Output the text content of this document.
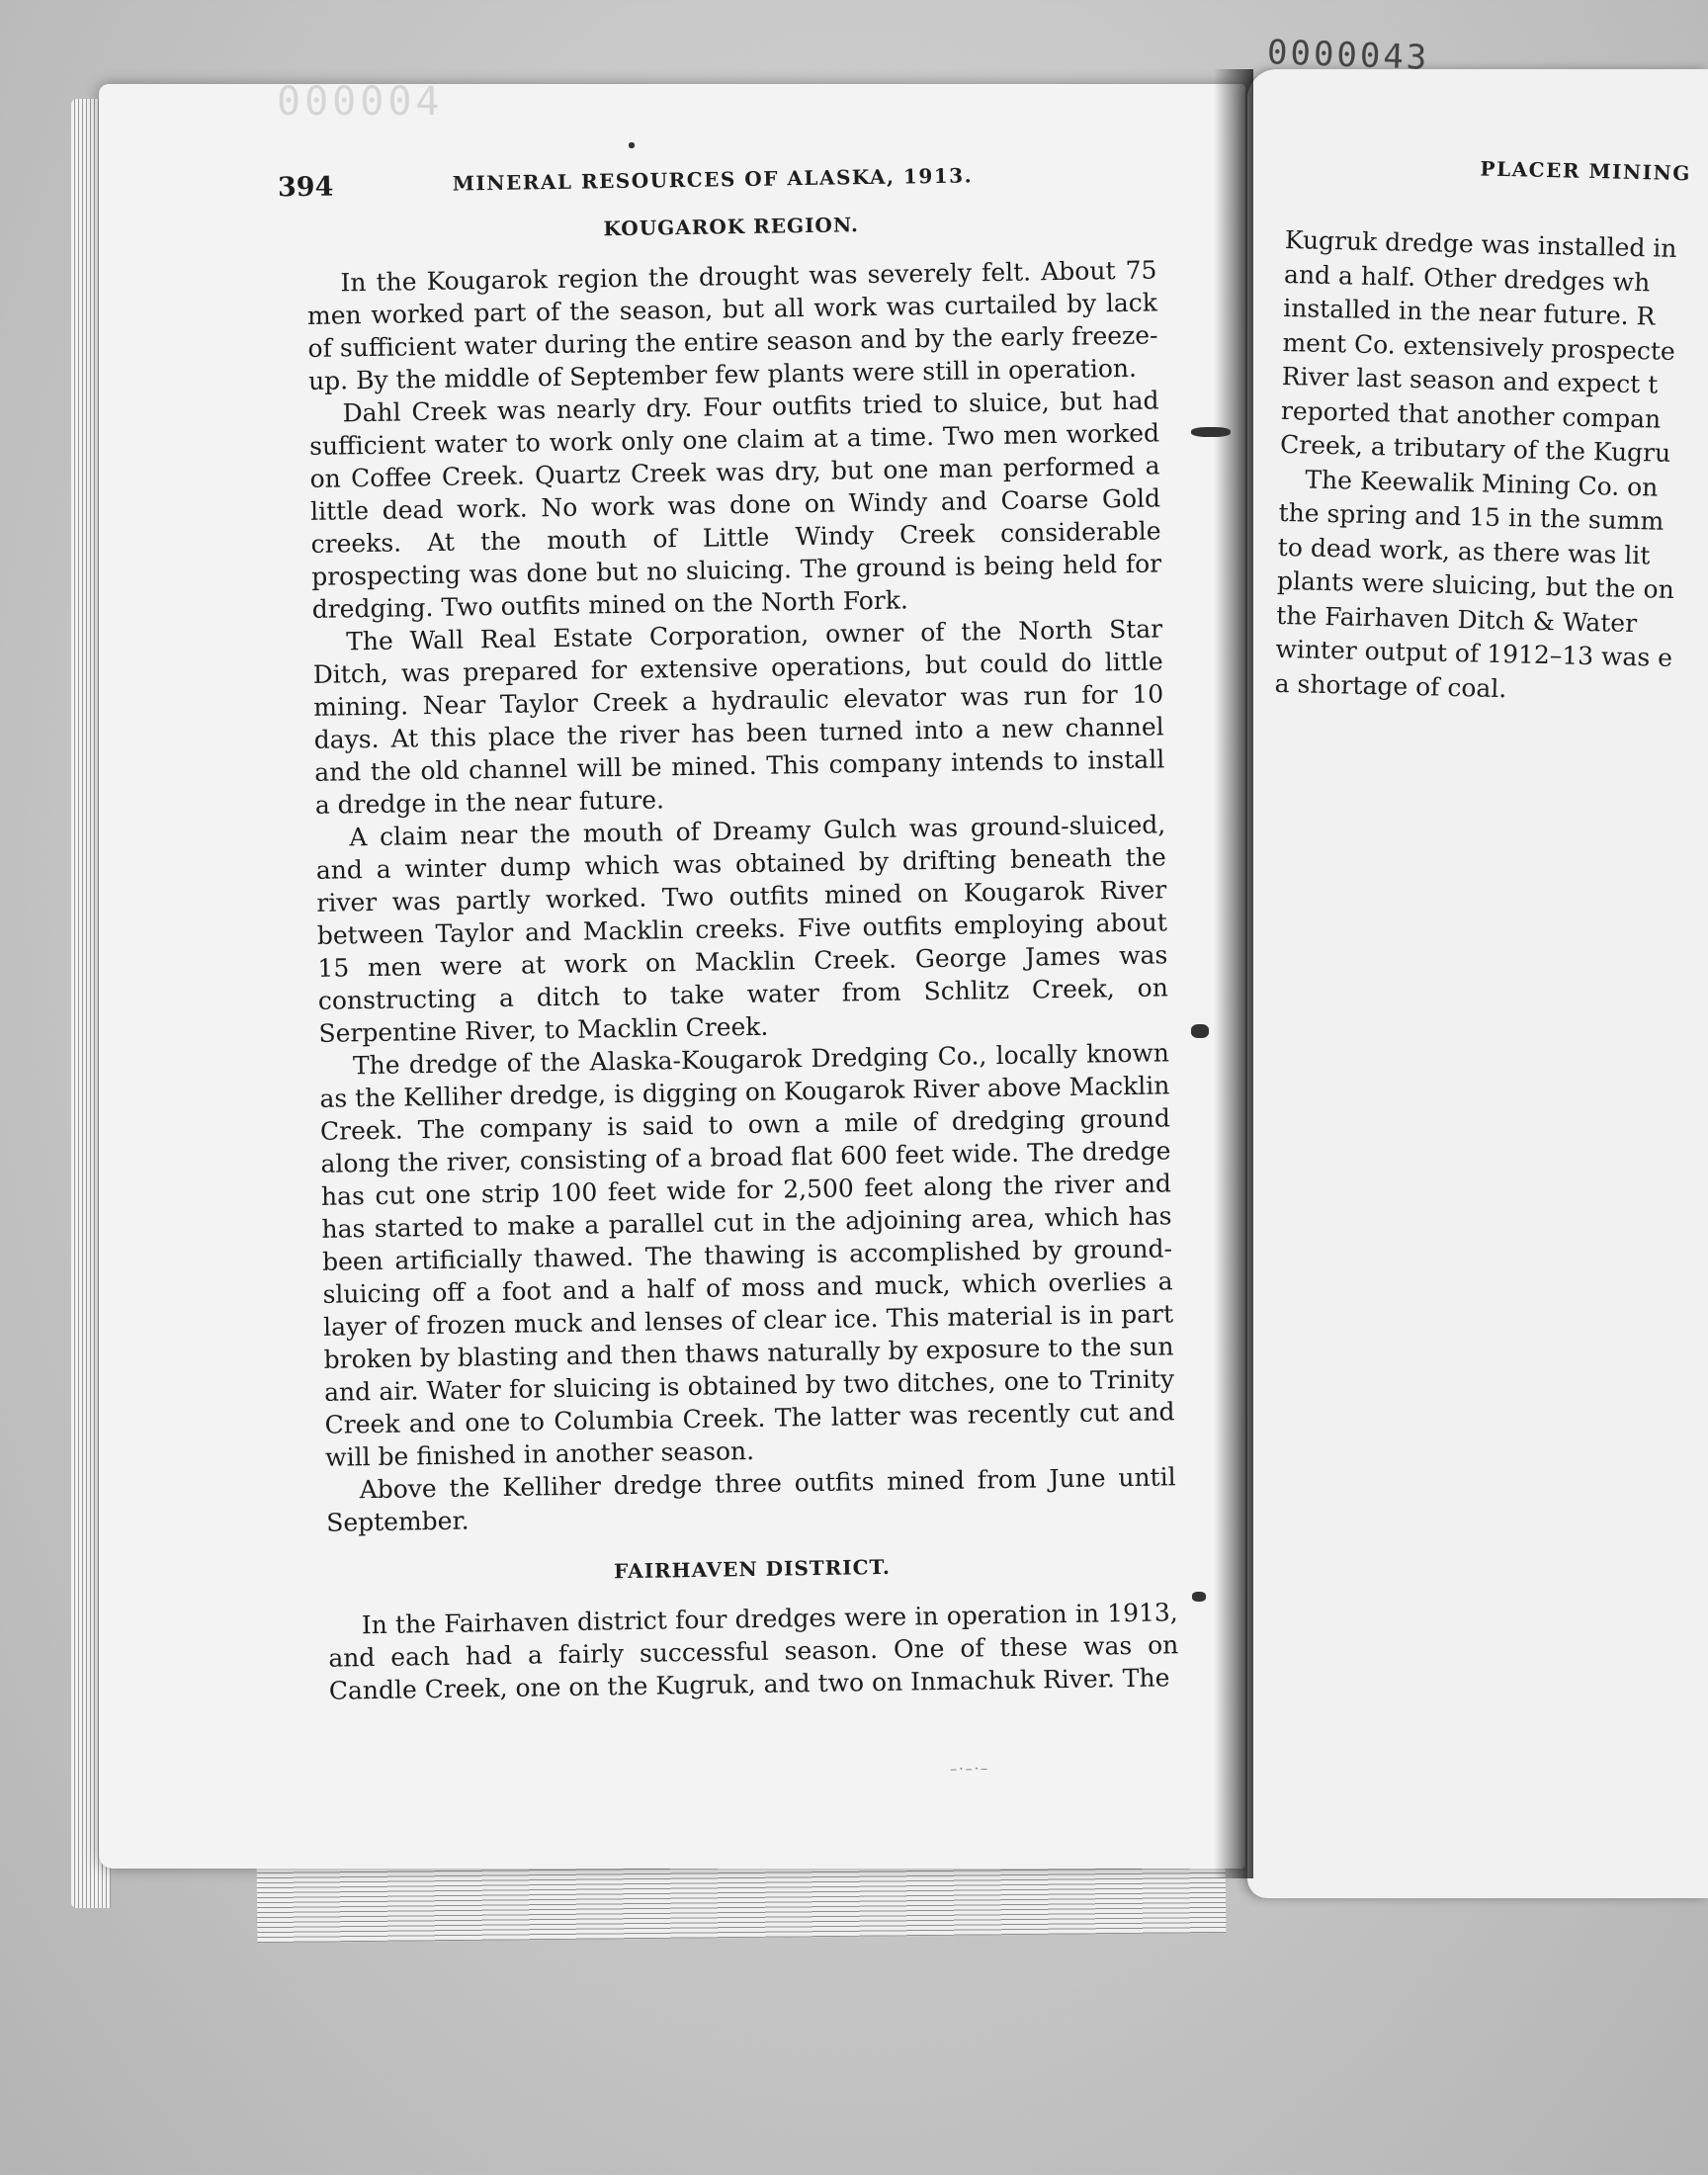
0000043
000004
394	MINERAL RESOURCES OF ALASKA, 1913.

KOUGAROK REGION.

In the Kougarok region the drought was severely felt. About 75 men worked part of the season, but all work was curtailed by lack of sufficient water during the entire season and by the early freeze-up. By the middle of September few plants were still in operation.

Dahl Creek was nearly dry. Four outfits tried to sluice, but had sufficient water to work only one claim at a time. Two men worked on Coffee Creek. Quartz Creek was dry, but one man performed a little dead work. No work was done on Windy and Coarse Gold creeks. At the mouth of Little Windy Creek considerable prospecting was done but no sluicing. The ground is being held for dredging. Two outfits mined on the North Fork.

The Wall Real Estate Corporation, owner of the North Star Ditch, was prepared for extensive operations, but could do little mining. Near Taylor Creek a hydraulic elevator was run for 10 days. At this place the river has been turned into a new channel and the old channel will be mined. This company intends to install a dredge in the near future.

A claim near the mouth of Dreamy Gulch was ground-sluiced, and a winter dump which was obtained by drifting beneath the river was partly worked. Two outfits mined on Kougarok River between Taylor and Macklin creeks. Five outfits employing about 15 men were at work on Macklin Creek. George James was constructing a ditch to take water from Schlitz Creek, on Serpentine River, to Macklin Creek.

The dredge of the Alaska-Kougarok Dredging Co., locally known as the Kelliher dredge, is digging on Kougarok River above Macklin Creek. The company is said to own a mile of dredging ground along the river, consisting of a broad flat 600 feet wide. The dredge has cut one strip 100 feet wide for 2,500 feet along the river and has started to make a parallel cut in the adjoining area, which has been artificially thawed. The thawing is accomplished by ground-sluicing off a foot and a half of moss and muck, which overlies a layer of frozen muck and lenses of clear ice. This material is in part broken by blasting and then thaws naturally by exposure to the sun and air. Water for sluicing is obtained by two ditches, one to Trinity Creek and one to Columbia Creek. The latter was recently cut and will be finished in another season.

Above the Kelliher dredge three outfits mined from June until September.

FAIRHAVEN DISTRICT.

In the Fairhaven district four dredges were in operation in 1913, and each had a fairly successful season. One of these was on Candle Creek, one on the Kugruk, and two on Inmachuk River. The

–·–·–
PLACER MINING
Kugruk dredge was installed in
and a half. Other dredges wh
installed in the near future. R
ment Co. extensively prospecte
River last season and expect t
reported that another compan
Creek, a tributary of the Kugru
The Keewalik Mining Co. on
the spring and 15 in the summ
to dead work, as there was lit
plants were sluicing, but the on
the Fairhaven Ditch & Water
winter output of 1912–13 was e
a shortage of coal.
